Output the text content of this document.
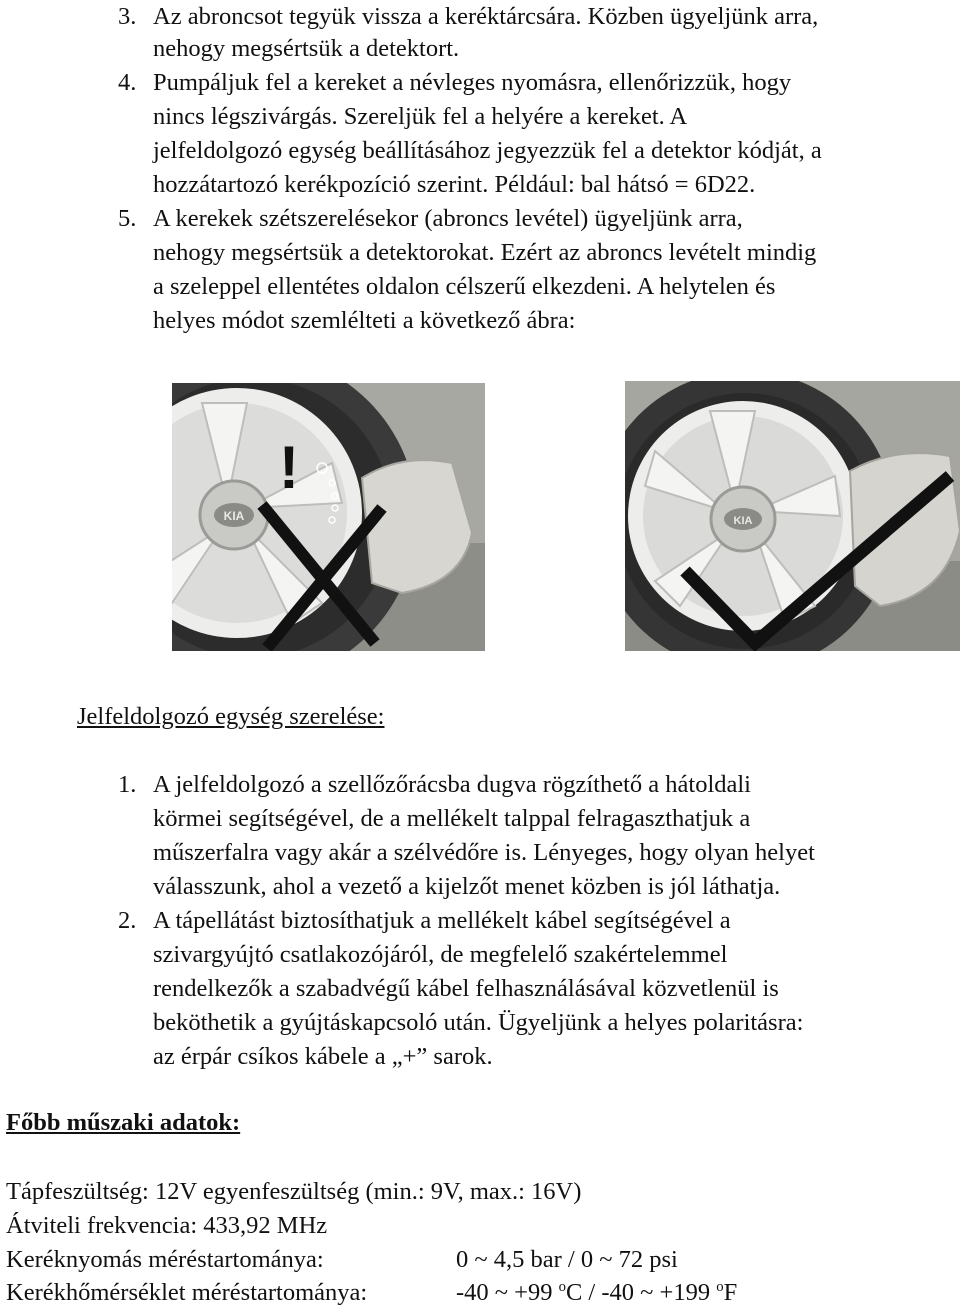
3. Az abroncsot tegyük vissza a keréktárcsára. Közben ügyeljünk arra,
nehogy megsértsük a detektort.
4. Pumpáljuk fel a kereket a névleges nyomásra, ellenőrizzük, hogy
nincs légszivárgás. Szereljük fel a helyére a kereket. A
jelfeldolgozó egység beállításához jegyezzük fel a detektor kódját, a
hozzátartozó kerékpozíció szerint. Például: bal hátsó = 6D22.
5. A kerekek szétszerelésekor (abroncs levétel) ügyeljünk arra,
nehogy megsértsük a detektorokat. Ezért az abroncs levételt mindig
a szeleppel ellentétes oldalon célszerű elkezdeni. A helytelen és
helyes módot szemlélteti a következő ábra:
KIA
!
KIA
Jelfeldolgozó egység szerelése:
1. A jelfeldolgozó a szellőzőrácsba dugva rögzíthető a hátoldali
körmei segítségével, de a mellékelt talppal felragaszthatjuk a
műszerfalra vagy akár a szélvédőre is. Lényeges, hogy olyan helyet
válasszunk, ahol a vezető a kijelzőt menet közben is jól láthatja.
2. A tápellátást biztosíthatjuk a mellékelt kábel segítségével a
szivargyújtó csatlakozójáról, de megfelelő szakértelemmel
rendelkezők a szabadvégű kábel felhasználásával közvetlenül is
beköthetik a gyújtáskapcsoló után. Ügyeljünk a helyes polaritásra:
az érpár csíkos kábele a „+” sarok.
Főbb műszaki adatok:
Tápfeszültség: 12V egyenfeszültség (min.: 9V, max.: 16V)
Átviteli frekvencia: 433,92 MHz
Keréknyomás méréstartománya:	0 ~ 4,5 bar / 0 ~ 72 psi
Kerékhőmérséklet méréstartománya:	-40 ~ +99 $^o$C / -40 ~ +199 $^o$F
